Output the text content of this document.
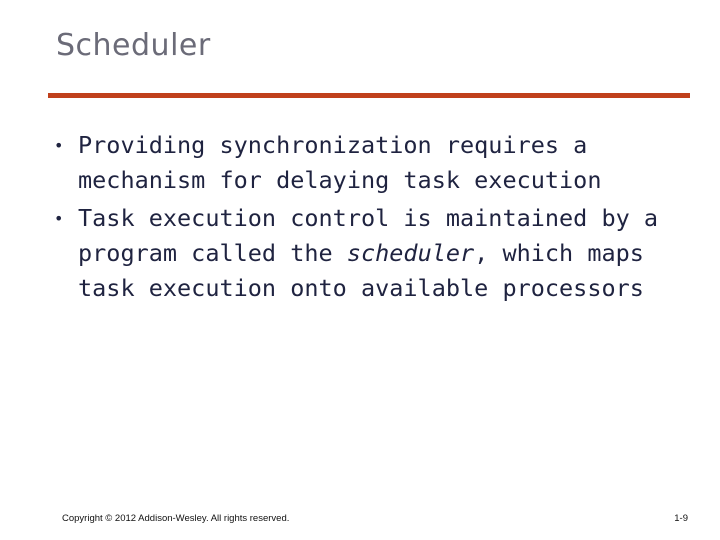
Scheduler
• Providing synchronization requires a mechanism for delaying task execution
• Task execution control is maintained by a program called the scheduler, which maps task execution onto available processors
Copyright © 2012 Addison-Wesley. All rights reserved.	1-9
